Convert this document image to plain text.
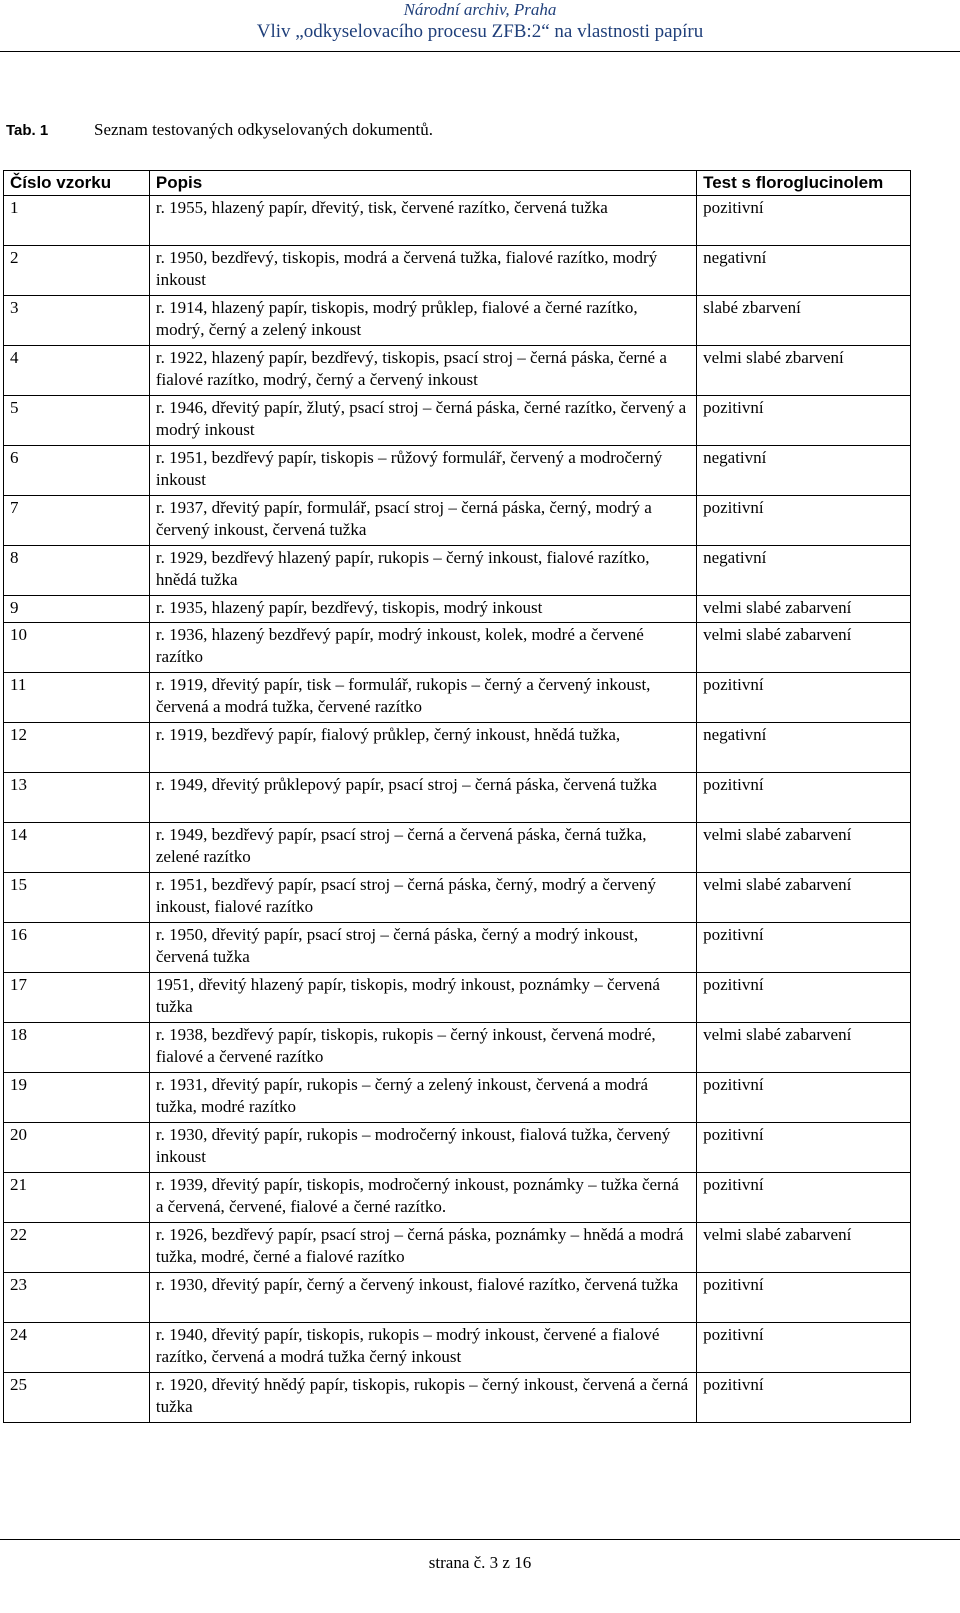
Národní archiv, Praha
Vliv „odkyselovacího procesu ZFB:2“ na vlastnosti papíru
Tab. 1	Seznam testovaných odkyselovaných dokumentů.
Číslo vzorku	Popis	Test s floroglucinolem
1	r. 1955, hlazený papír, dřevitý, tisk, červené razítko, červená tužka	pozitivní
2	r. 1950, bezdřevý, tiskopis, modrá a červená tužka, fialové razítko, modrý inkoust	negativní
3	r. 1914, hlazený papír, tiskopis, modrý průklep, fialové a černé razítko, modrý, černý a zelený inkoust	slabé zbarvení
4	r. 1922, hlazený papír, bezdřevý, tiskopis, psací stroj – černá páska, černé a fialové razítko, modrý, černý a červený inkoust	velmi slabé zbarvení
5	r. 1946, dřevitý papír, žlutý, psací stroj – černá páska, černé razítko, červený a modrý inkoust	pozitivní
6	r. 1951, bezdřevý papír, tiskopis – růžový formulář, červený a modročerný inkoust	negativní
7	r. 1937, dřevitý papír, formulář, psací stroj – černá páska, černý, modrý a červený inkoust, červená tužka	pozitivní
8	r. 1929, bezdřevý hlazený papír, rukopis – černý inkoust, fialové razítko, hnědá tužka	negativní
9	r. 1935, hlazený papír, bezdřevý, tiskopis, modrý inkoust	velmi slabé zabarvení
10	r. 1936, hlazený bezdřevý papír, modrý inkoust, kolek, modré a červené razítko	velmi slabé zabarvení
11	r. 1919, dřevitý papír, tisk – formulář, rukopis – černý a červený inkoust, červená a modrá tužka, červené razítko	pozitivní
12	r. 1919, bezdřevý papír, fialový průklep, černý inkoust, hnědá tužka,	negativní
13	r. 1949, dřevitý průklepový papír, psací stroj – černá páska, červená tužka	pozitivní
14	r. 1949, bezdřevý papír, psací stroj – černá a červená páska, černá tužka, zelené razítko	velmi slabé zabarvení
15	r. 1951, bezdřevý papír, psací stroj – černá páska, černý, modrý a červený inkoust, fialové razítko	velmi slabé zabarvení
16	r. 1950, dřevitý papír, psací stroj – černá páska, černý a modrý inkoust, červená tužka	pozitivní
17	1951, dřevitý hlazený papír, tiskopis, modrý inkoust, poznámky – červená tužka	pozitivní
18	r. 1938, bezdřevý papír, tiskopis, rukopis – černý inkoust, červená modré, fialové a červené razítko	velmi slabé zabarvení
19	r. 1931, dřevitý papír, rukopis – černý a zelený inkoust, červená a modrá tužka, modré razítko	pozitivní
20	r. 1930, dřevitý papír, rukopis – modročerný inkoust, fialová tužka, červený inkoust	pozitivní
21	r. 1939, dřevitý papír, tiskopis, modročerný inkoust, poznámky – tužka černá a červená, červené, fialové a černé razítko.	pozitivní
22	r. 1926, bezdřevý papír, psací stroj – černá páska, poznámky – hnědá a modrá tužka, modré, černé a fialové razítko	velmi slabé zabarvení
23	r. 1930, dřevitý papír, černý a červený inkoust, fialové razítko, červená tužka	pozitivní
24	r. 1940, dřevitý papír, tiskopis, rukopis – modrý inkoust, červené a fialové razítko, červená a modrá tužka černý inkoust	pozitivní
25	r. 1920, dřevitý hnědý papír, tiskopis, rukopis – černý inkoust, červená a černá tužka	pozitivní
strana č. 3 z 16
